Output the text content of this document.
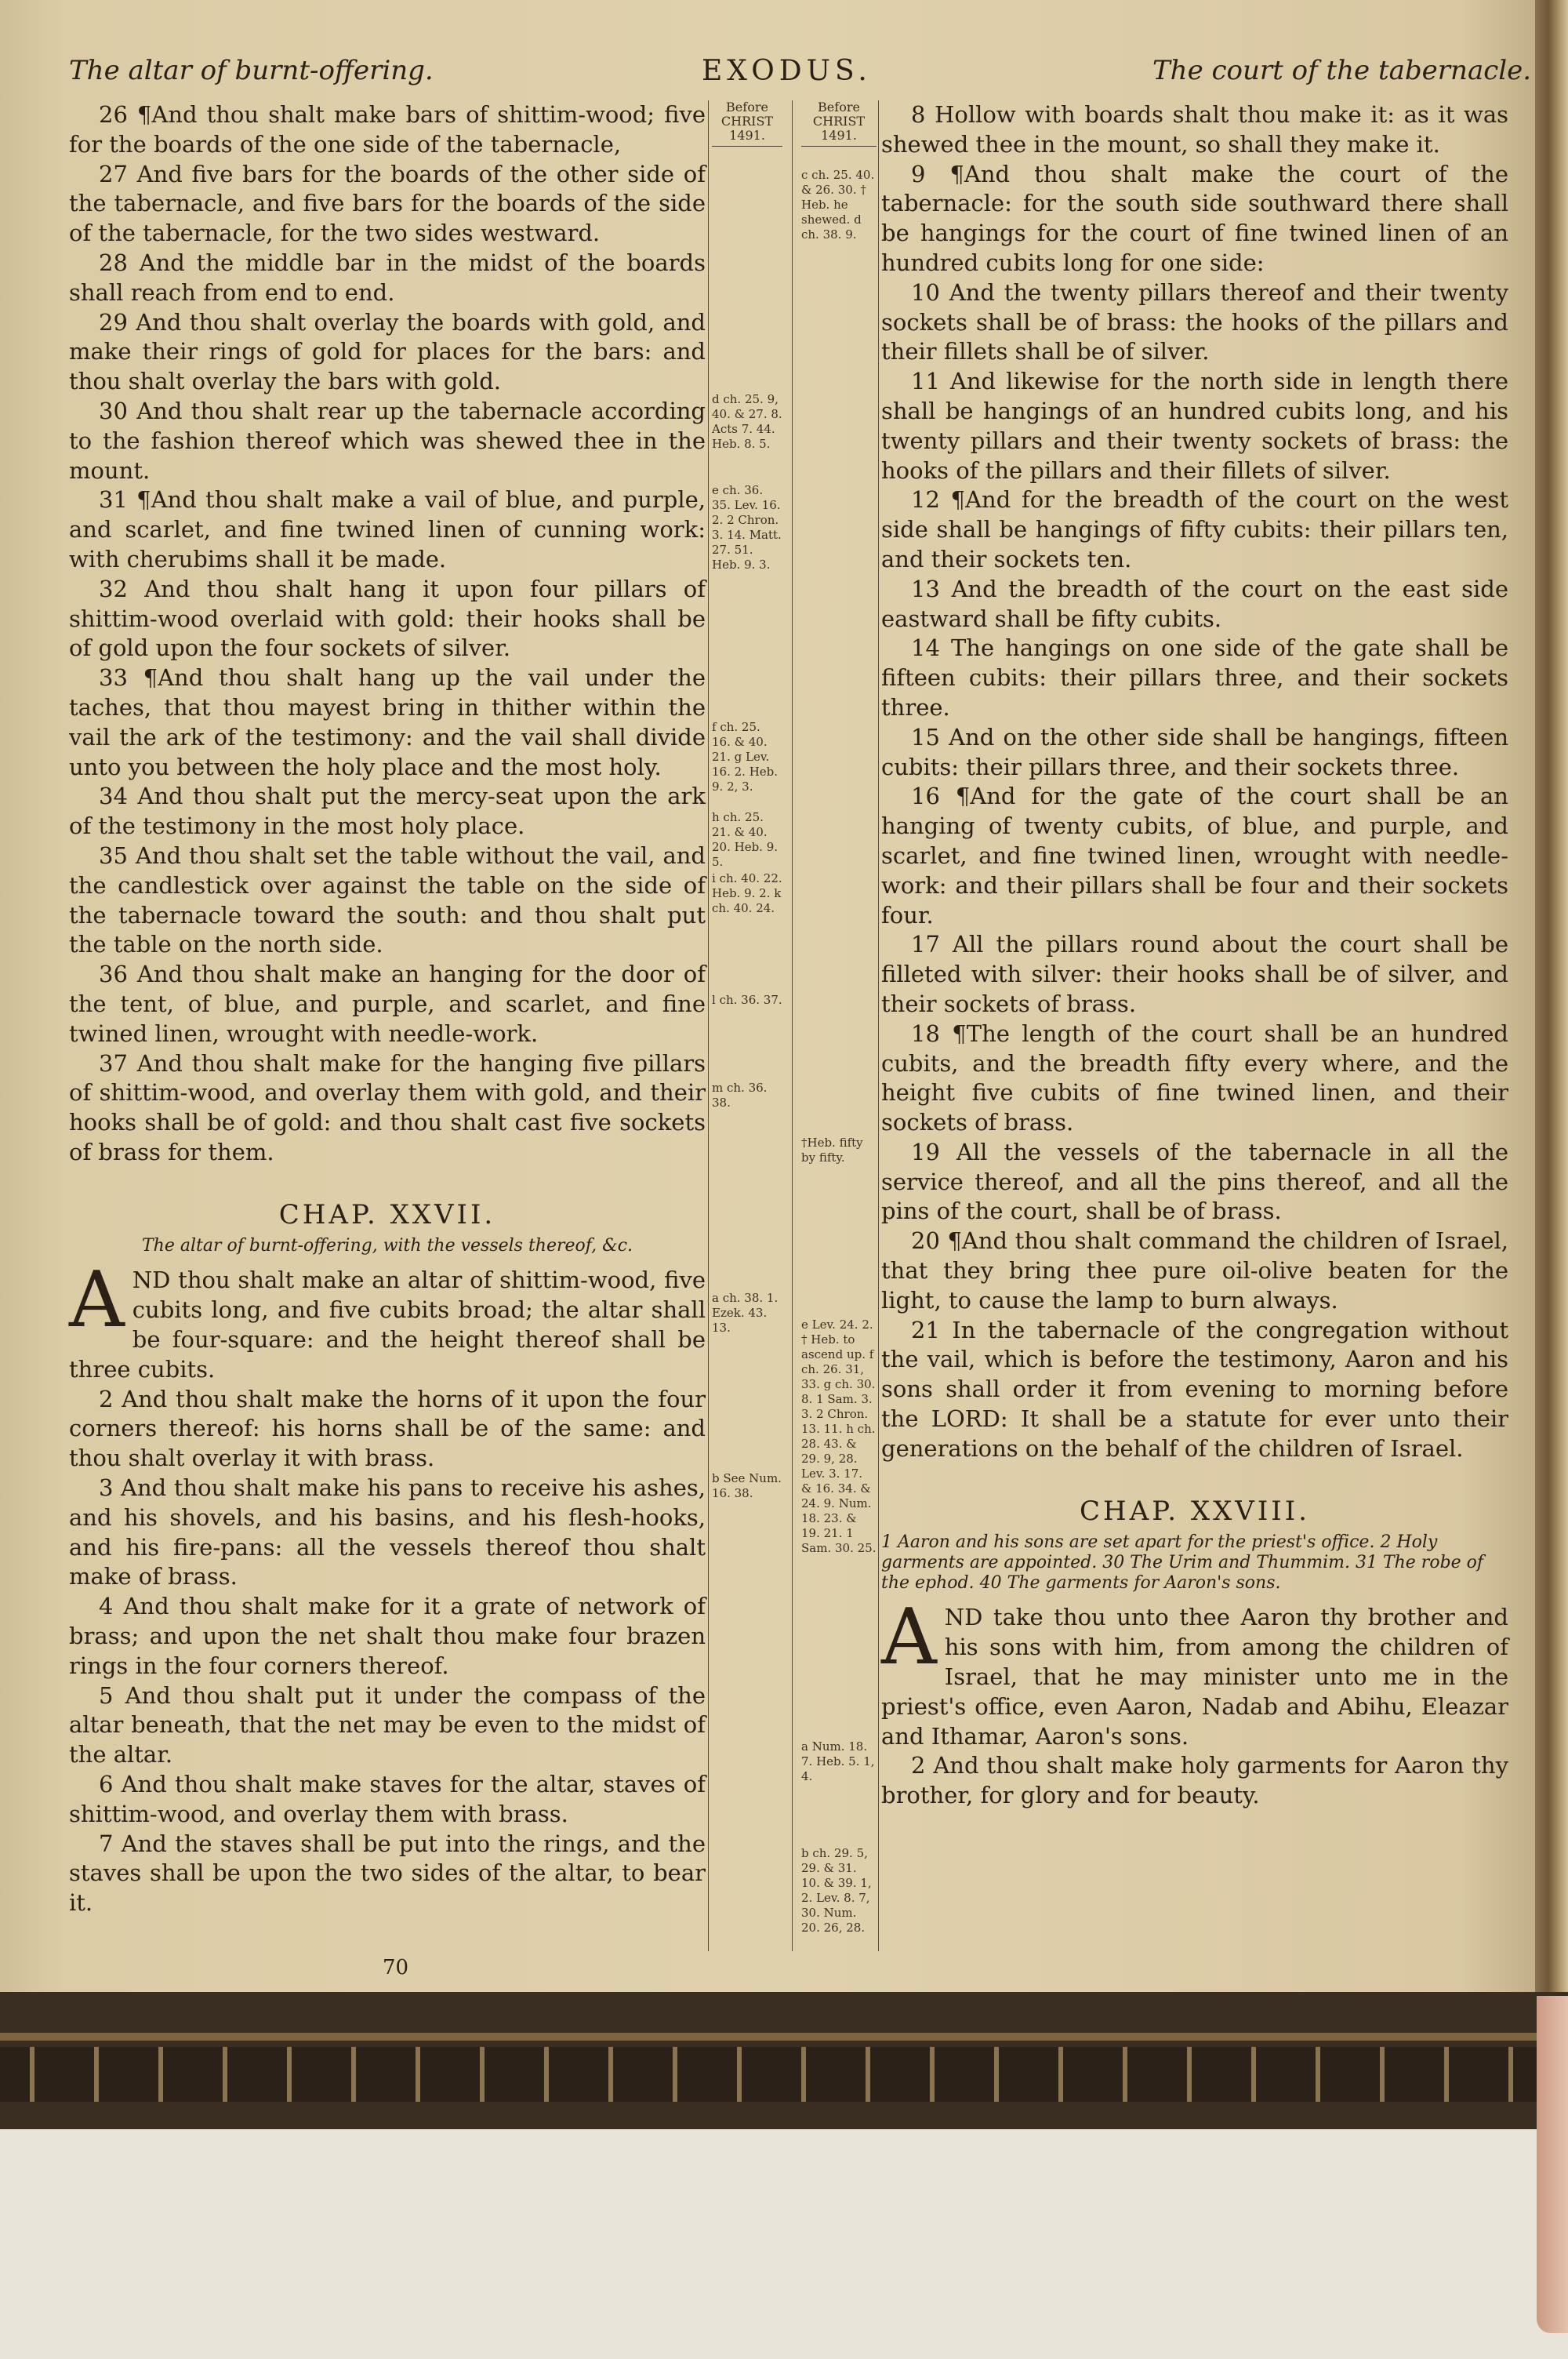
The altar of burnt-offering.	EXODUS.	The court of the tabernacle.

26 ¶And thou shalt make bars of shittim-wood; five for the boards of the one side of the tabernacle,

27 And five bars for the boards of the other side of the tabernacle, and five bars for the boards of the side of the tabernacle, for the two sides westward.

28 And the middle bar in the midst of the boards shall reach from end to end.

29 And thou shalt overlay the boards with gold, and make their rings of gold for places for the bars: and thou shalt overlay the bars with gold.

30 And thou shalt rear up the tabernacle according to the fashion thereof which was shewed thee in the mount.

31 ¶And thou shalt make a vail of blue, and purple, and scarlet, and fine twined linen of cunning work: with cherubims shall it be made.

32 And thou shalt hang it upon four pillars of shittim-wood overlaid with gold: their hooks shall be of gold upon the four sockets of silver.

33 ¶And thou shalt hang up the vail under the taches, that thou mayest bring in thither within the vail the ark of the testimony: and the vail shall divide unto you between the holy place and the most holy.

34 And thou shalt put the mercy-seat upon the ark of the testimony in the most holy place.

35 And thou shalt set the table without the vail, and the candlestick over against the table on the side of the tabernacle toward the south: and thou shalt put the table on the north side.

36 And thou shalt make an hanging for the door of the tent, of blue, and purple, and scarlet, and fine twined linen, wrought with needle-work.

37 And thou shalt make for the hanging five pillars of shittim-wood, and overlay them with gold, and their hooks shall be of gold: and thou shalt cast five sockets of brass for them.

CHAP. XXVII.
The altar of burnt-offering, with the vessels thereof, &c.

AND thou shalt make an altar of shittim-wood, five cubits long, and five cubits broad; the altar shall be four-square: and the height thereof shall be three cubits.

2 And thou shalt make the horns of it upon the four corners thereof: his horns shall be of the same: and thou shalt overlay it with brass.

3 And thou shalt make his pans to receive his ashes, and his shovels, and his basins, and his flesh-hooks, and his fire-pans: all the vessels thereof thou shalt make of brass.

4 And thou shalt make for it a grate of network of brass; and upon the net shalt thou make four brazen rings in the four corners thereof.

5 And thou shalt put it under the compass of the altar beneath, that the net may be even to the midst of the altar.

6 And thou shalt make staves for the altar, staves of shittim-wood, and overlay them with brass.

7 And the staves shall be put into the rings, and the staves shall be upon the two sides of the altar, to bear it.

Before CHRIST 1491.
d ch. 25. 9, 40. & 27. 8. Acts 7. 44. Heb. 8. 5.
e ch. 36. 35. Lev. 16. 2. 2 Chron. 3. 14. Matt. 27. 51. Heb. 9. 3.
f ch. 25. 16. & 40. 21. g Lev. 16. 2. Heb. 9. 2, 3.
h ch. 25. 21. & 40. 20. Heb. 9. 5.
i ch. 40. 22. Heb. 9. 2. k ch. 40. 24.
l ch. 36. 37.
m ch. 36. 38.
a ch. 38. 1. Ezek. 43. 13.
b See Num. 16. 38.
Before CHRIST 1491.
c ch. 25. 40. & 26. 30. † Heb. he shewed. d ch. 38. 9.
†Heb. fifty by fifty.
e Lev. 24. 2. † Heb. to ascend up. f ch. 26. 31, 33. g ch. 30. 8. 1 Sam. 3. 3. 2 Chron. 13. 11. h ch. 28. 43. & 29. 9, 28. Lev. 3. 17. & 16. 34. & 24. 9. Num. 18. 23. & 19. 21. 1 Sam. 30. 25.
a Num. 18. 7. Heb. 5. 1, 4.
b ch. 29. 5, 29. & 31. 10. & 39. 1, 2. Lev. 8. 7, 30. Num. 20. 26, 28.

8 Hollow with boards shalt thou make it: as it was shewed thee in the mount, so shall they make it.

9 ¶And thou shalt make the court of the tabernacle: for the south side southward there shall be hangings for the court of fine twined linen of an hundred cubits long for one side:

10 And the twenty pillars thereof and their twenty sockets shall be of brass: the hooks of the pillars and their fillets shall be of silver.

11 And likewise for the north side in length there shall be hangings of an hundred cubits long, and his twenty pillars and their twenty sockets of brass: the hooks of the pillars and their fillets of silver.

12 ¶And for the breadth of the court on the west side shall be hangings of fifty cubits: their pillars ten, and their sockets ten.

13 And the breadth of the court on the east side eastward shall be fifty cubits.

14 The hangings on one side of the gate shall be fifteen cubits: their pillars three, and their sockets three.

15 And on the other side shall be hangings, fifteen cubits: their pillars three, and their sockets three.

16 ¶And for the gate of the court shall be an hanging of twenty cubits, of blue, and purple, and scarlet, and fine twined linen, wrought with needle-work: and their pillars shall be four and their sockets four.

17 All the pillars round about the court shall be filleted with silver: their hooks shall be of silver, and their sockets of brass.

18 ¶The length of the court shall be an hundred cubits, and the breadth fifty every where, and the height five cubits of fine twined linen, and their sockets of brass.

19 All the vessels of the tabernacle in all the service thereof, and all the pins thereof, and all the pins of the court, shall be of brass.

20 ¶And thou shalt command the children of Israel, that they bring thee pure oil-olive beaten for the light, to cause the lamp to burn always.

21 In the tabernacle of the congregation without the vail, which is before the testimony, Aaron and his sons shall order it from evening to morning before the LORD: It shall be a statute for ever unto their generations on the behalf of the children of Israel.

CHAP. XXVIII.
1 Aaron and his sons are set apart for the priest's office. 2 Holy garments are appointed. 30 The Urim and Thummim. 31 The robe of the ephod. 40 The garments for Aaron's sons.

AND take thou unto thee Aaron thy brother and his sons with him, from among the children of Israel, that he may minister unto me in the priest's office, even Aaron, Nadab and Abihu, Eleazar and Ithamar, Aaron's sons.

2 And thou shalt make holy garments for Aaron thy brother, for glory and for beauty.

70
